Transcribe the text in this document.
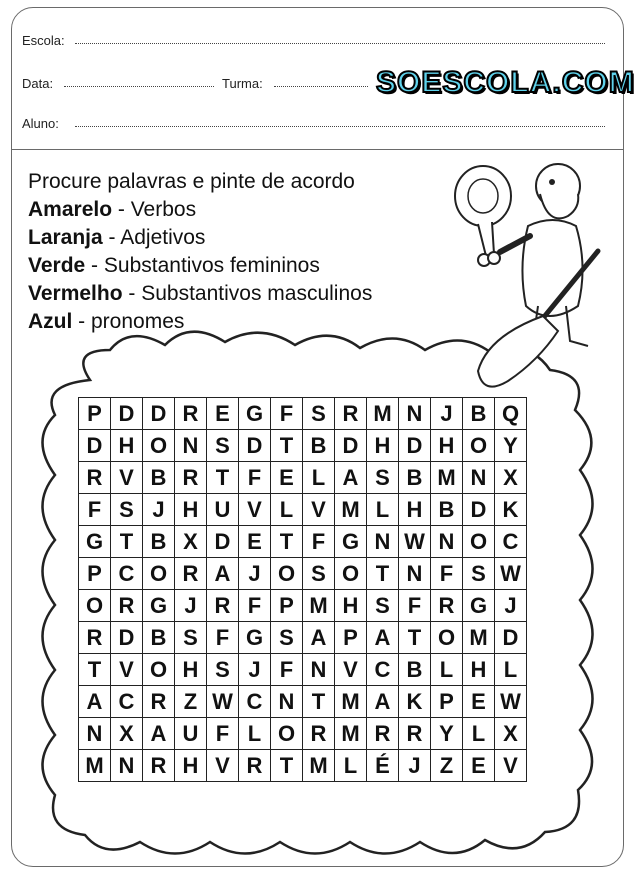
Escola:
Data:	Turma:	SOESCOLA.COM
Aluno:
Procure palavras e pinte de acordo
Amarelo - Verbos
Laranja - Adjetivos
Verde - Substantivos femininos
Vermelho - Substantivos masculinos
Azul - pronomes
P D D R E G F S R M N J B Q
D H O N S D T B D H D H O Y
R V B R T F E L A S B M N X
F S J H U V L V M L H B D K
G T B X D E T F G N W N O C
P C O R A J O S O T N F S W
O R G J R F P M H S F R G J
R D B S F G S A P A T O M D
T V O H S J F N V C B L H L
A C R Z W C N T M A K P E W
N X A U F L O R M R R Y L X
M N R H V R T M L É J Z E V
